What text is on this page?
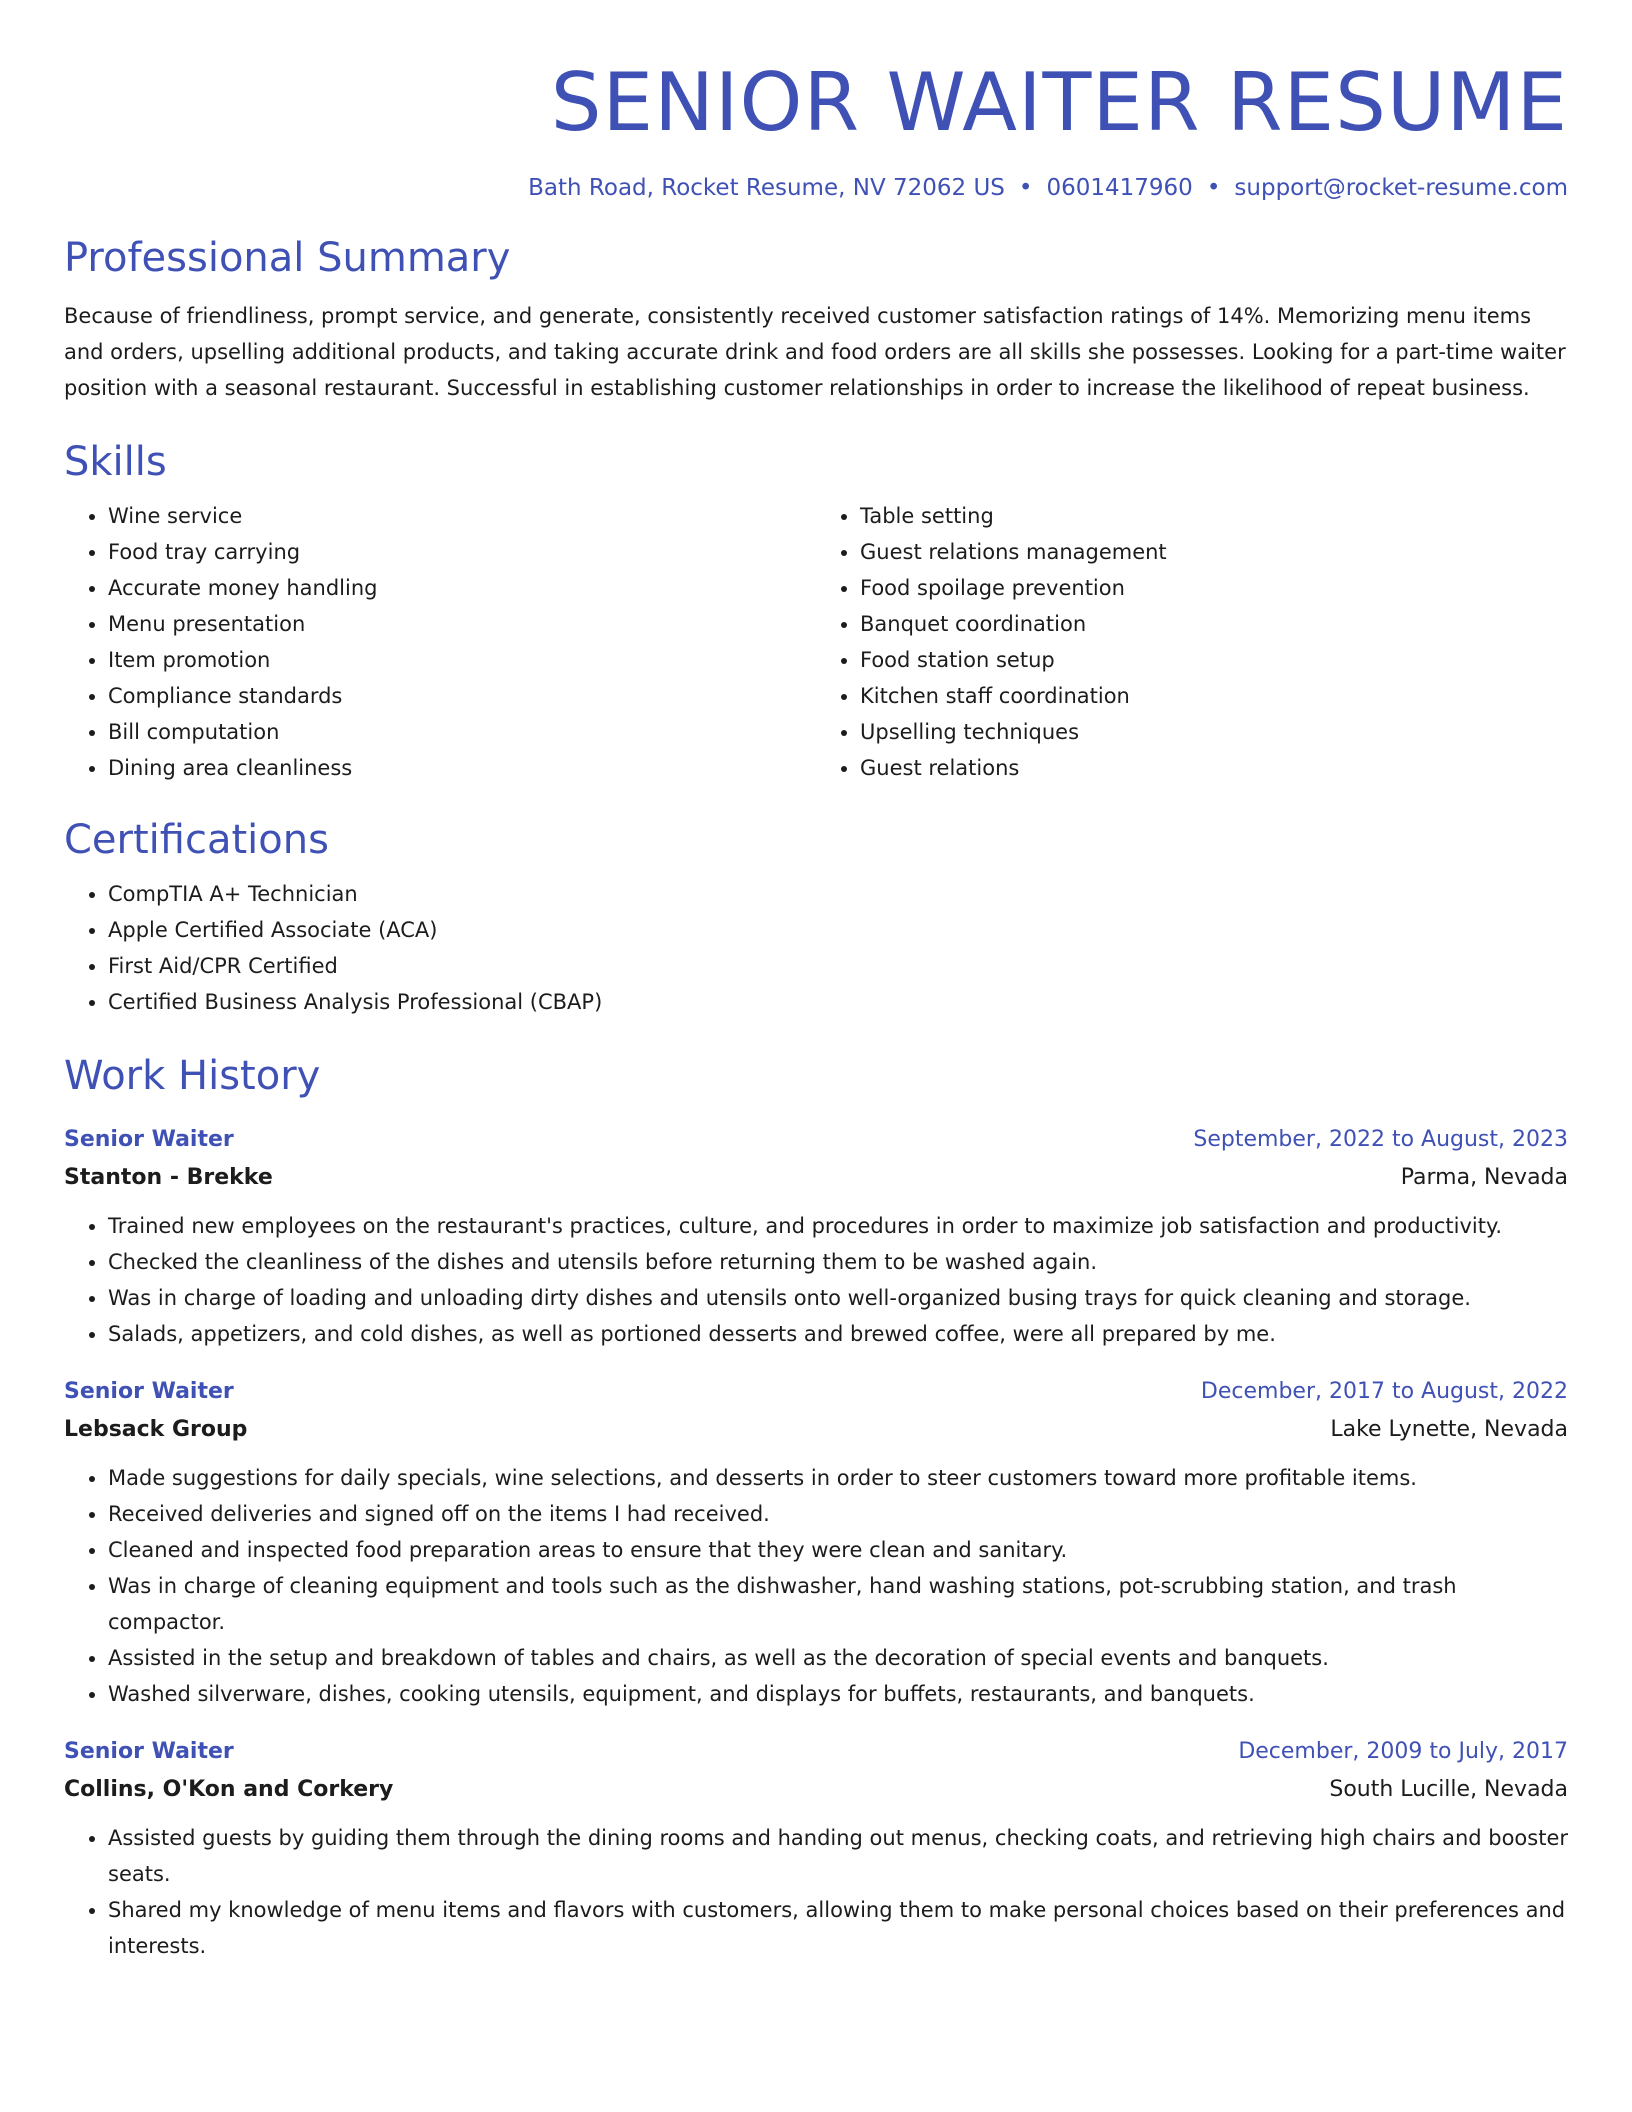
SENIOR WAITER RESUME
Bath Road, Rocket Resume, NV 72062 US • 0601417960 • support@rocket-resume.com
Professional Summary

Because of friendliness, prompt service, and generate, consistently received customer satisfaction ratings of 14%. Memorizing menu items and orders, upselling additional products, and taking accurate drink and food orders are all skills she possesses. Looking for a part-time waiter position with a seasonal restaurant. Successful in establishing customer relationships in order to increase the likelihood of repeat business.

Skills
• Wine service
• Food tray carrying
• Accurate money handling
• Menu presentation
• Item promotion
• Compliance standards
• Bill computation
• Dining area cleanliness
• Table setting
• Guest relations management
• Food spoilage prevention
• Banquet coordination
• Food station setup
• Kitchen staff coordination
• Upselling techniques
• Guest relations
Certifications
• CompTIA A+ Technician
• Apple Certified Associate (ACA)
• First Aid/CPR Certified
• Certified Business Analysis Professional (CBAP)
Work History
Senior Waiter	September, 2022 to August, 2023
Stanton - Brekke	Parma, Nevada
• Trained new employees on the restaurant's practices, culture, and procedures in order to maximize job satisfaction and productivity.
• Checked the cleanliness of the dishes and utensils before returning them to be washed again.
• Was in charge of loading and unloading dirty dishes and utensils onto well-organized busing trays for quick cleaning and storage.
• Salads, appetizers, and cold dishes, as well as portioned desserts and brewed coffee, were all prepared by me.
Senior Waiter	December, 2017 to August, 2022
Lebsack Group	Lake Lynette, Nevada
• Made suggestions for daily specials, wine selections, and desserts in order to steer customers toward more profitable items.
• Received deliveries and signed off on the items I had received.
• Cleaned and inspected food preparation areas to ensure that they were clean and sanitary.
• Was in charge of cleaning equipment and tools such as the dishwasher, hand washing stations, pot-scrubbing station, and trash compactor.
• Assisted in the setup and breakdown of tables and chairs, as well as the decoration of special events and banquets.
• Washed silverware, dishes, cooking utensils, equipment, and displays for buffets, restaurants, and banquets.
Senior Waiter	December, 2009 to July, 2017
Collins, O'Kon and Corkery	South Lucille, Nevada
• Assisted guests by guiding them through the dining rooms and handing out menus, checking coats, and retrieving high chairs and booster seats.
• Shared my knowledge of menu items and flavors with customers, allowing them to make personal choices based on their preferences and interests.
